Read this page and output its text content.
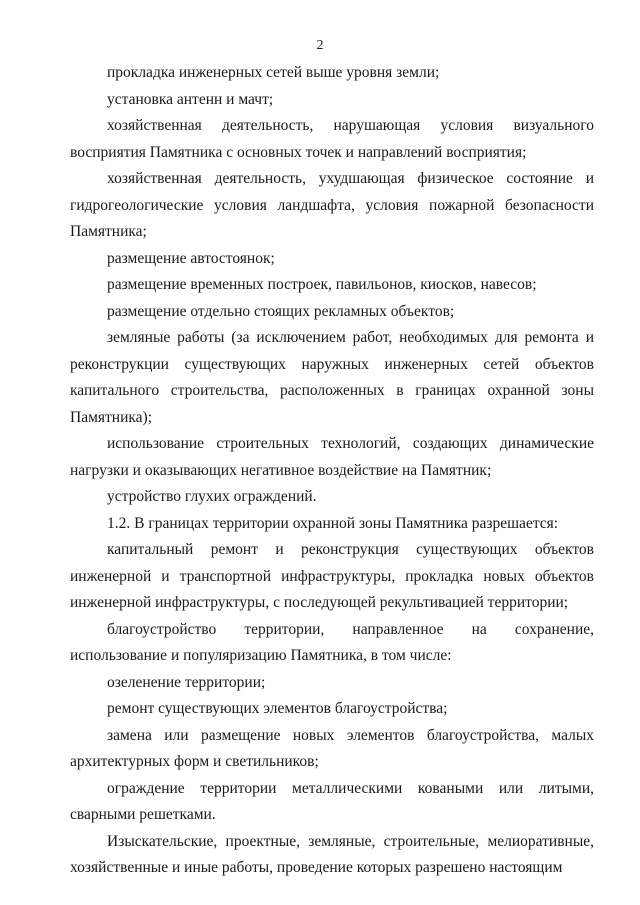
2

прокладка инженерных сетей выше уровня земли;

установка антенн и мачт;

хозяйственная деятельность, нарушающая условия визуального восприятия Памятника с основных точек и направлений восприятия;

хозяйственная деятельность, ухудшающая физическое состояние и гидрогеологические условия ландшафта, условия пожарной безопасности Памятника;

размещение автостоянок;

размещение временных построек, павильонов, киосков, навесов;

размещение отдельно стоящих рекламных объектов;

земляные работы (за исключением работ, необходимых для ремонта и реконструкции существующих наружных инженерных сетей объектов капитального строительства, расположенных в границах охранной зоны Памятника);

использование строительных технологий, создающих динамические нагрузки и оказывающих негативное воздействие на Памятник;

устройство глухих ограждений.

1.2. В границах территории охранной зоны Памятника разрешается:

капитальный ремонт и реконструкция существующих объектов инженерной и транспортной инфраструктуры, прокладка новых объектов инженерной инфраструктуры, с последующей рекультивацией территории;

благоустройство территории, направленное на сохранение, использование и популяризацию Памятника, в том числе:

озеленение территории;

ремонт существующих элементов благоустройства;

замена или размещение новых элементов благоустройства, малых архитектурных форм и светильников;

ограждение территории металлическими коваными или литыми, сварными решетками.

Изыскательские, проектные, земляные, строительные, мелиоративные, хозяйственные и иные работы, проведение которых разрешено настоящим
